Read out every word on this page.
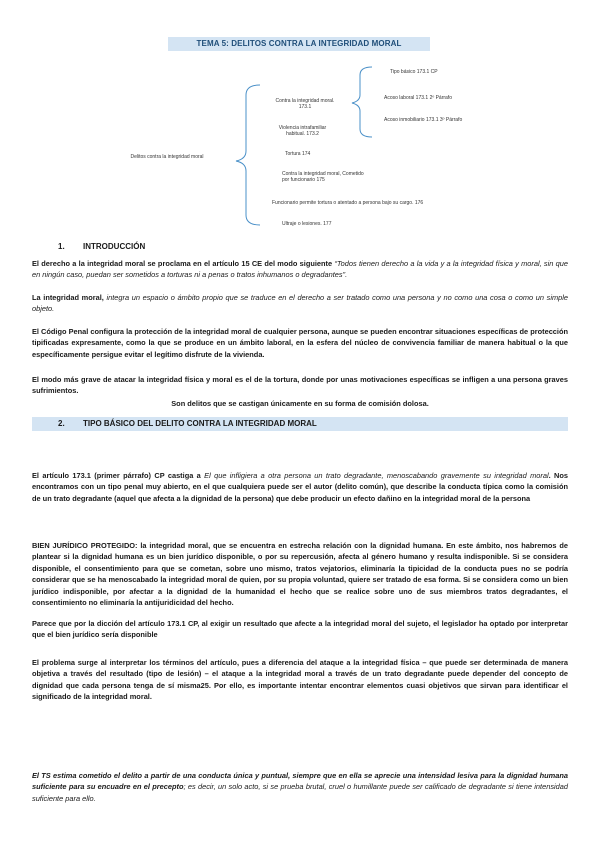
TEMA 5: DELITOS CONTRA LA INTEGRIDAD MORAL
Delitos contra la integridad moral
Contra la integridad moral. 173.1
Violencia intrafamiliar habitual. 173.2
Tortura 174
Contra la integridad moral, Cometido por funcionario 175
Funcionario permite tortura o atentado a persona bajo su cargo. 176
Ultraje o lesiones. 177
Tipo básico 173.1 CP
Acoso laboral 173.1 2º Párrafo
Acoso inmobiliario 173.1 3º Párrafo
1. INTRODUCCIÓN

El derecho a la integridad moral se proclama en el artículo 15 CE del modo siguiente “Todos tienen derecho a la vida y a la integridad física y moral, sin que en ningún caso, puedan ser sometidos a torturas ni a penas o tratos inhumanos o degradantes”.

La integridad moral, integra un espacio o ámbito propio que se traduce en el derecho a ser tratado como una persona y no como una cosa o como un simple objeto.

El Código Penal configura la protección de la integridad moral de cualquier persona, aunque se pueden encontrar situaciones específicas de protección tipificadas expresamente, como la que se produce en un ámbito laboral, en la esfera del núcleo de convivencia familiar de manera habitual o la que específicamente persigue evitar el legítimo disfrute de la vivienda.

El modo más grave de atacar la integridad física y moral es el de la tortura, donde por unas motivaciones específicas se infligen a una persona graves sufrimientos.

Son delitos que se castigan únicamente en su forma de comisión dolosa.

2. TIPO BÁSICO DEL DELITO CONTRA LA INTEGRIDAD MORAL

El artículo 173.1 (primer párrafo) CP castiga a El que infligiera a otra persona un trato degradante, menoscabando gravemente su integridad moral. Nos encontramos con un tipo penal muy abierto, en el que cualquiera puede ser el autor (delito común), que describe la conducta típica como la comisión de un trato degradante (aquel que afecta a la dignidad de la persona) que debe producir un efecto dañino en la integridad moral de la persona

BIEN JURÍDICO PROTEGIDO: la integridad moral, que se encuentra en estrecha relación con la dignidad humana. En este ámbito, nos habremos de plantear si la dignidad humana es un bien jurídico disponible, o por su repercusión, afecta al género humano y resulta indisponible. Si se considera disponible, el consentimiento para que se cometan, sobre uno mismo, tratos vejatorios, eliminaría la tipicidad de la conducta pues no se podría considerar que se ha menoscabado la integridad moral de quien, por su propia voluntad, quiere ser tratado de esa forma. Si se considera como un bien jurídico indisponible, por afectar a la dignidad de la humanidad el hecho que se realice sobre uno de sus miembros tratos degradantes, el consentimiento no eliminaría la antijuridicidad del hecho.

Parece que por la dicción del artículo 173.1 CP, al exigir un resultado que afecte a la integridad moral del sujeto, el legislador ha optado por interpretar que el bien jurídico sería disponible

El problema surge al interpretar los términos del artículo, pues a diferencia del ataque a la integridad física – que puede ser determinada de manera objetiva a través del resultado (tipo de lesión) – el ataque a la integridad moral a través de un trato degradante puede depender del concepto de dignidad que cada persona tenga de sí misma25. Por ello, es importante intentar encontrar elementos cuasi objetivos que sirvan para identificar el significado de la integridad moral.

El TS estima cometido el delito a partir de una conducta única y puntual, siempre que en ella se aprecie una intensidad lesiva para la dignidad humana suficiente para su encuadre en el precepto; es decir, un solo acto, si se prueba brutal, cruel o humillante puede ser calificado de degradante si tiene intensidad suficiente para ello.
